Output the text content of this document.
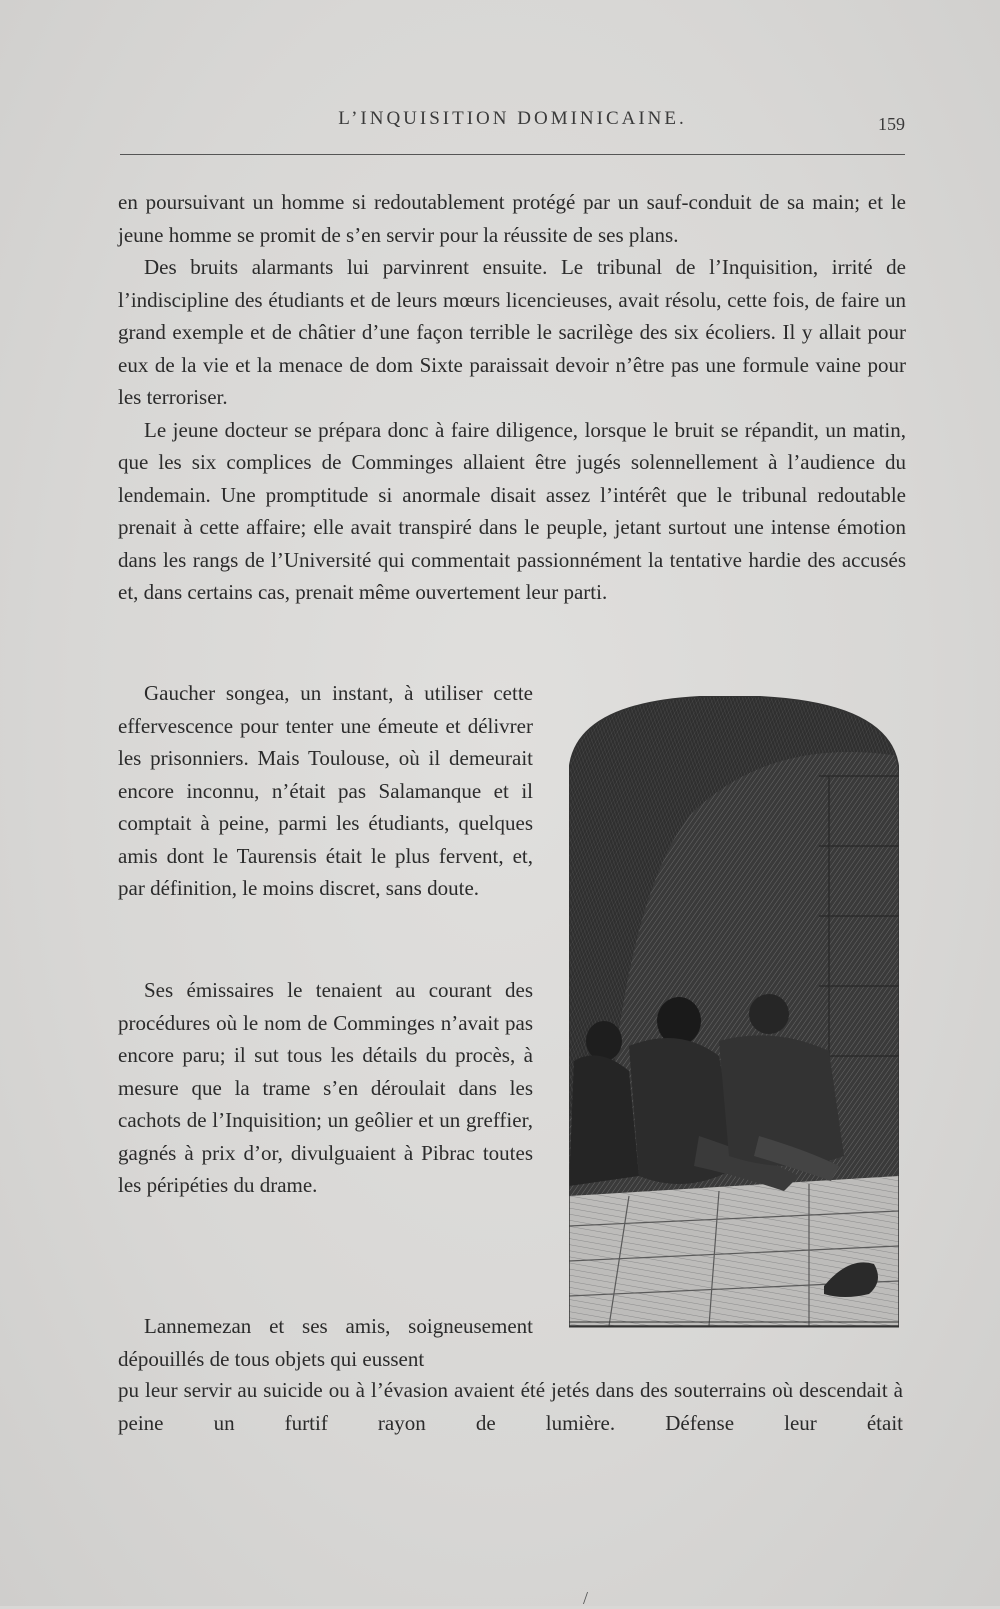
L’INQUISITION DOMINICAINE.	159

en poursuivant un homme si redoutablement protégé par un sauf-conduit de sa main; et le jeune homme se promit de s’en servir pour la réussite de ses plans.

Des bruits alarmants lui parvinrent ensuite. Le tribunal de l’Inquisition, irrité de l’indiscipline des étudiants et de leurs mœurs licencieuses, avait résolu, cette fois, de faire un grand exemple et de châtier d’une façon terrible le sacrilège des six écoliers. Il y allait pour eux de la vie et la menace de dom Sixte paraissait devoir n’être pas une formule vaine pour les terroriser.

Le jeune docteur se prépara donc à faire diligence, lorsque le bruit se répandit, un matin, que les six complices de Comminges allaient être jugés solennellement à l’audience du lendemain. Une promptitude si anormale disait assez l’intérêt que le tribunal redoutable prenait à cette affaire; elle avait transpiré dans le peuple, jetant surtout une intense émotion dans les rangs de l’Université qui commentait passionnément la tentative hardie des accusés et, dans certains cas, prenait même ouvertement leur parti.

Gaucher songea, un instant, à utiliser cette effervescence pour tenter une émeute et délivrer les prisonniers. Mais Toulouse, où il demeurait encore inconnu, n’était pas Salamanque et il comptait à peine, parmi les étudiants, quelques amis dont le Taurensis était le plus fervent, et, par définition, le moins discret, sans doute.

Ses émissaires le tenaient au courant des procédures où le nom de Comminges n’avait pas encore paru; il sut tous les détails du procès, à mesure que la trame s’en déroulait dans les cachots de l’Inquisition; un geôlier et un greffier, gagnés à prix d’or, divulguaient à Pibrac toutes les péripéties du drame.

Lannemezan et ses amis, soigneusement dépouillés de tous objets qui eussent

pu leur servir au suicide ou à l’évasion avaient été jetés dans des souterrains où descendait à peine un furtif rayon de lumière. Défense leur était

/
